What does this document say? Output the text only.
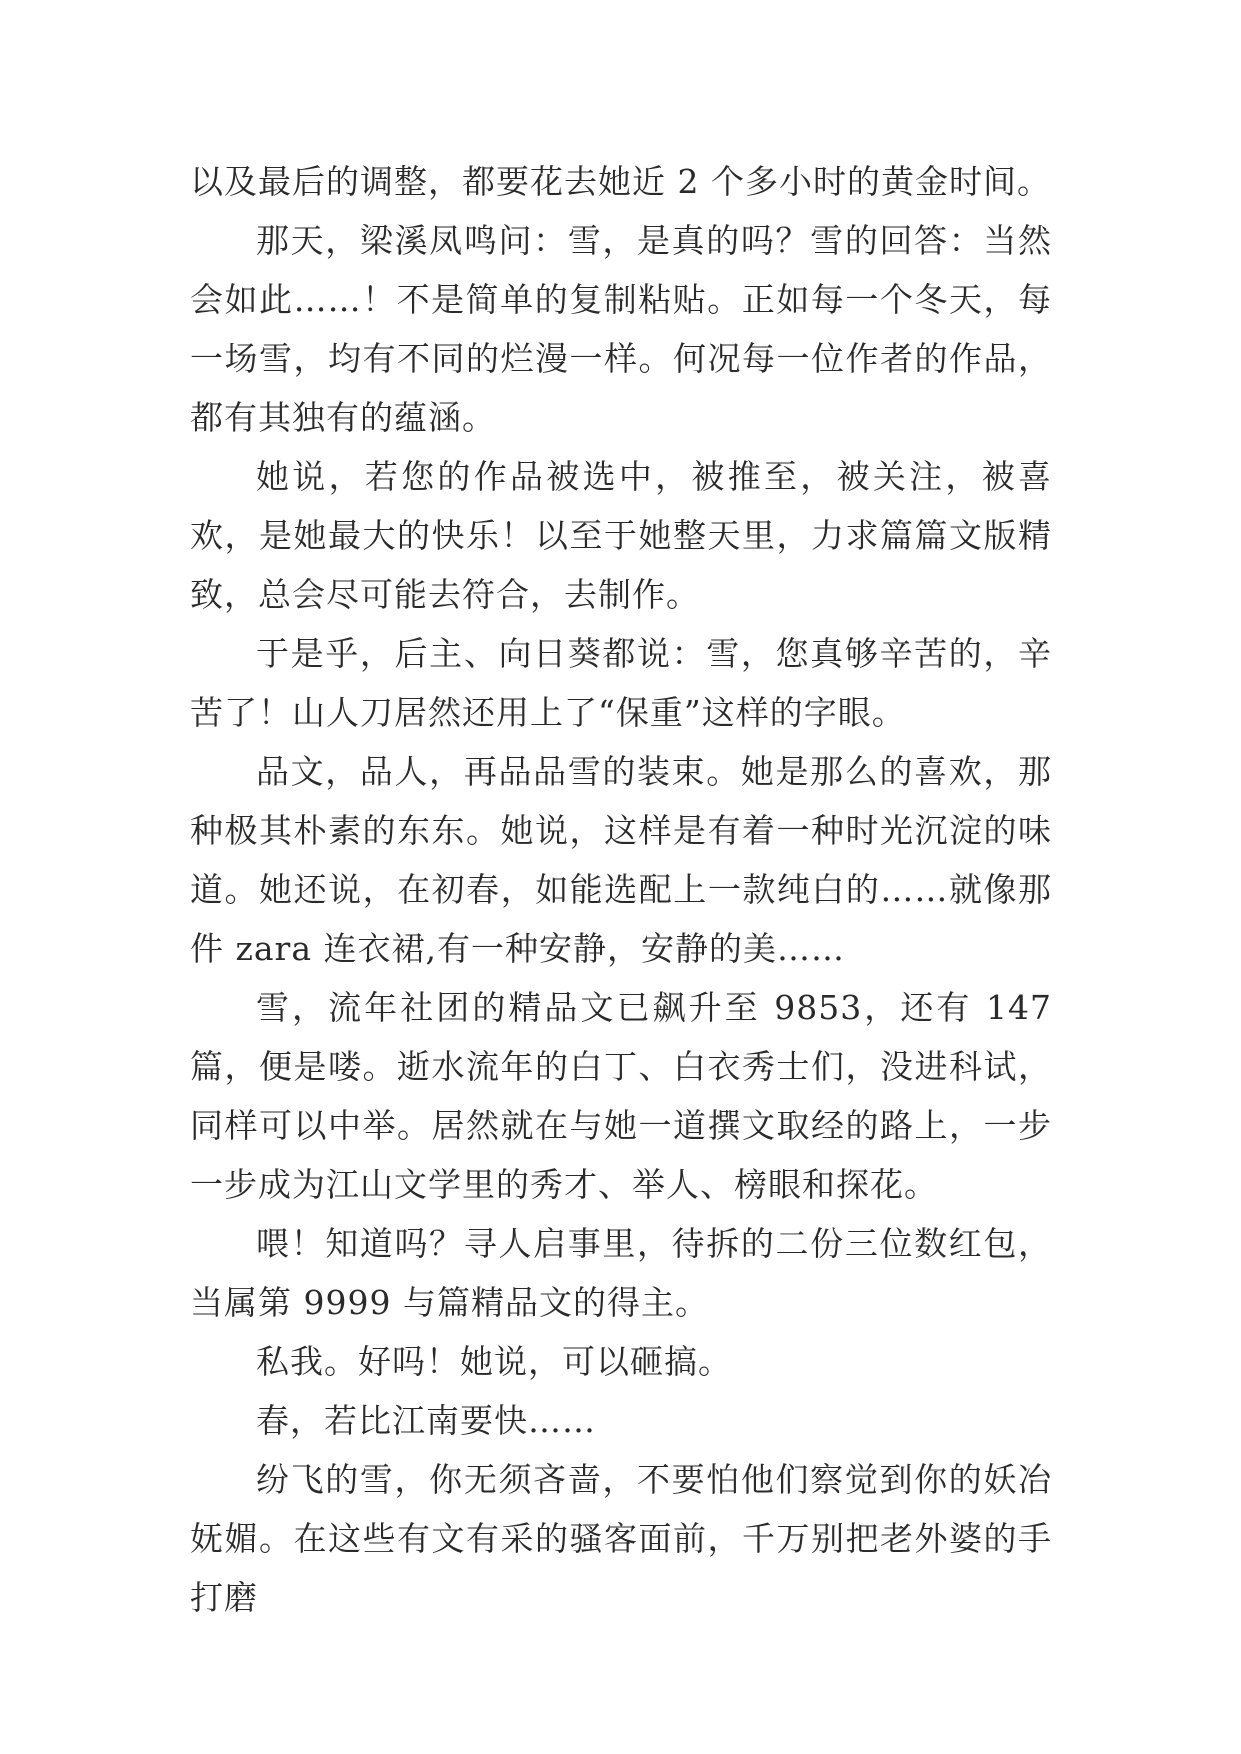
以及最后的调整，都要花去她近 2 个多小时的黄金时间。

那天，梁溪凤鸣问：雪，是真的吗？雪的回答：当然会如此……！不是简单的复制粘贴。正如每一个冬天，每一场雪，均有不同的烂漫一样。何况每一位作者的作品，都有其独有的蕴涵。

她说，若您的作品被选中，被推至，被关注，被喜欢，是她最大的快乐！以至于她整天里，力求篇篇文版精致，总会尽可能去符合，去制作。

于是乎，后主、向日葵都说：雪，您真够辛苦的，辛苦了！山人刀居然还用上了“保重”这样的字眼。

品文，品人，再品品雪的装束。她是那么的喜欢，那种极其朴素的东东。她说，这样是有着一种时光沉淀的味道。她还说，在初春，如能选配上一款纯白的……就像那件 zara 连衣裙,有一种安静，安静的美……

雪，流年社团的精品文已飙升至 9853，还有 147 篇，便是喽。逝水流年的白丁、白衣秀士们，没进科试，同样可以中举。居然就在与她一道撰文取经的路上，一步一步成为江山文学里的秀才、举人、榜眼和探花。

喂！知道吗？寻人启事里，待拆的二份三位数红包，当属第 9999 与篇精品文的得主。

私我。好吗！她说，可以砸搞。

春，若比江南要快……

纷飞的雪，你无须吝啬，不要怕他们察觉到你的妖冶妩媚。在这些有文有采的骚客面前，千万别把老外婆的手打磨
